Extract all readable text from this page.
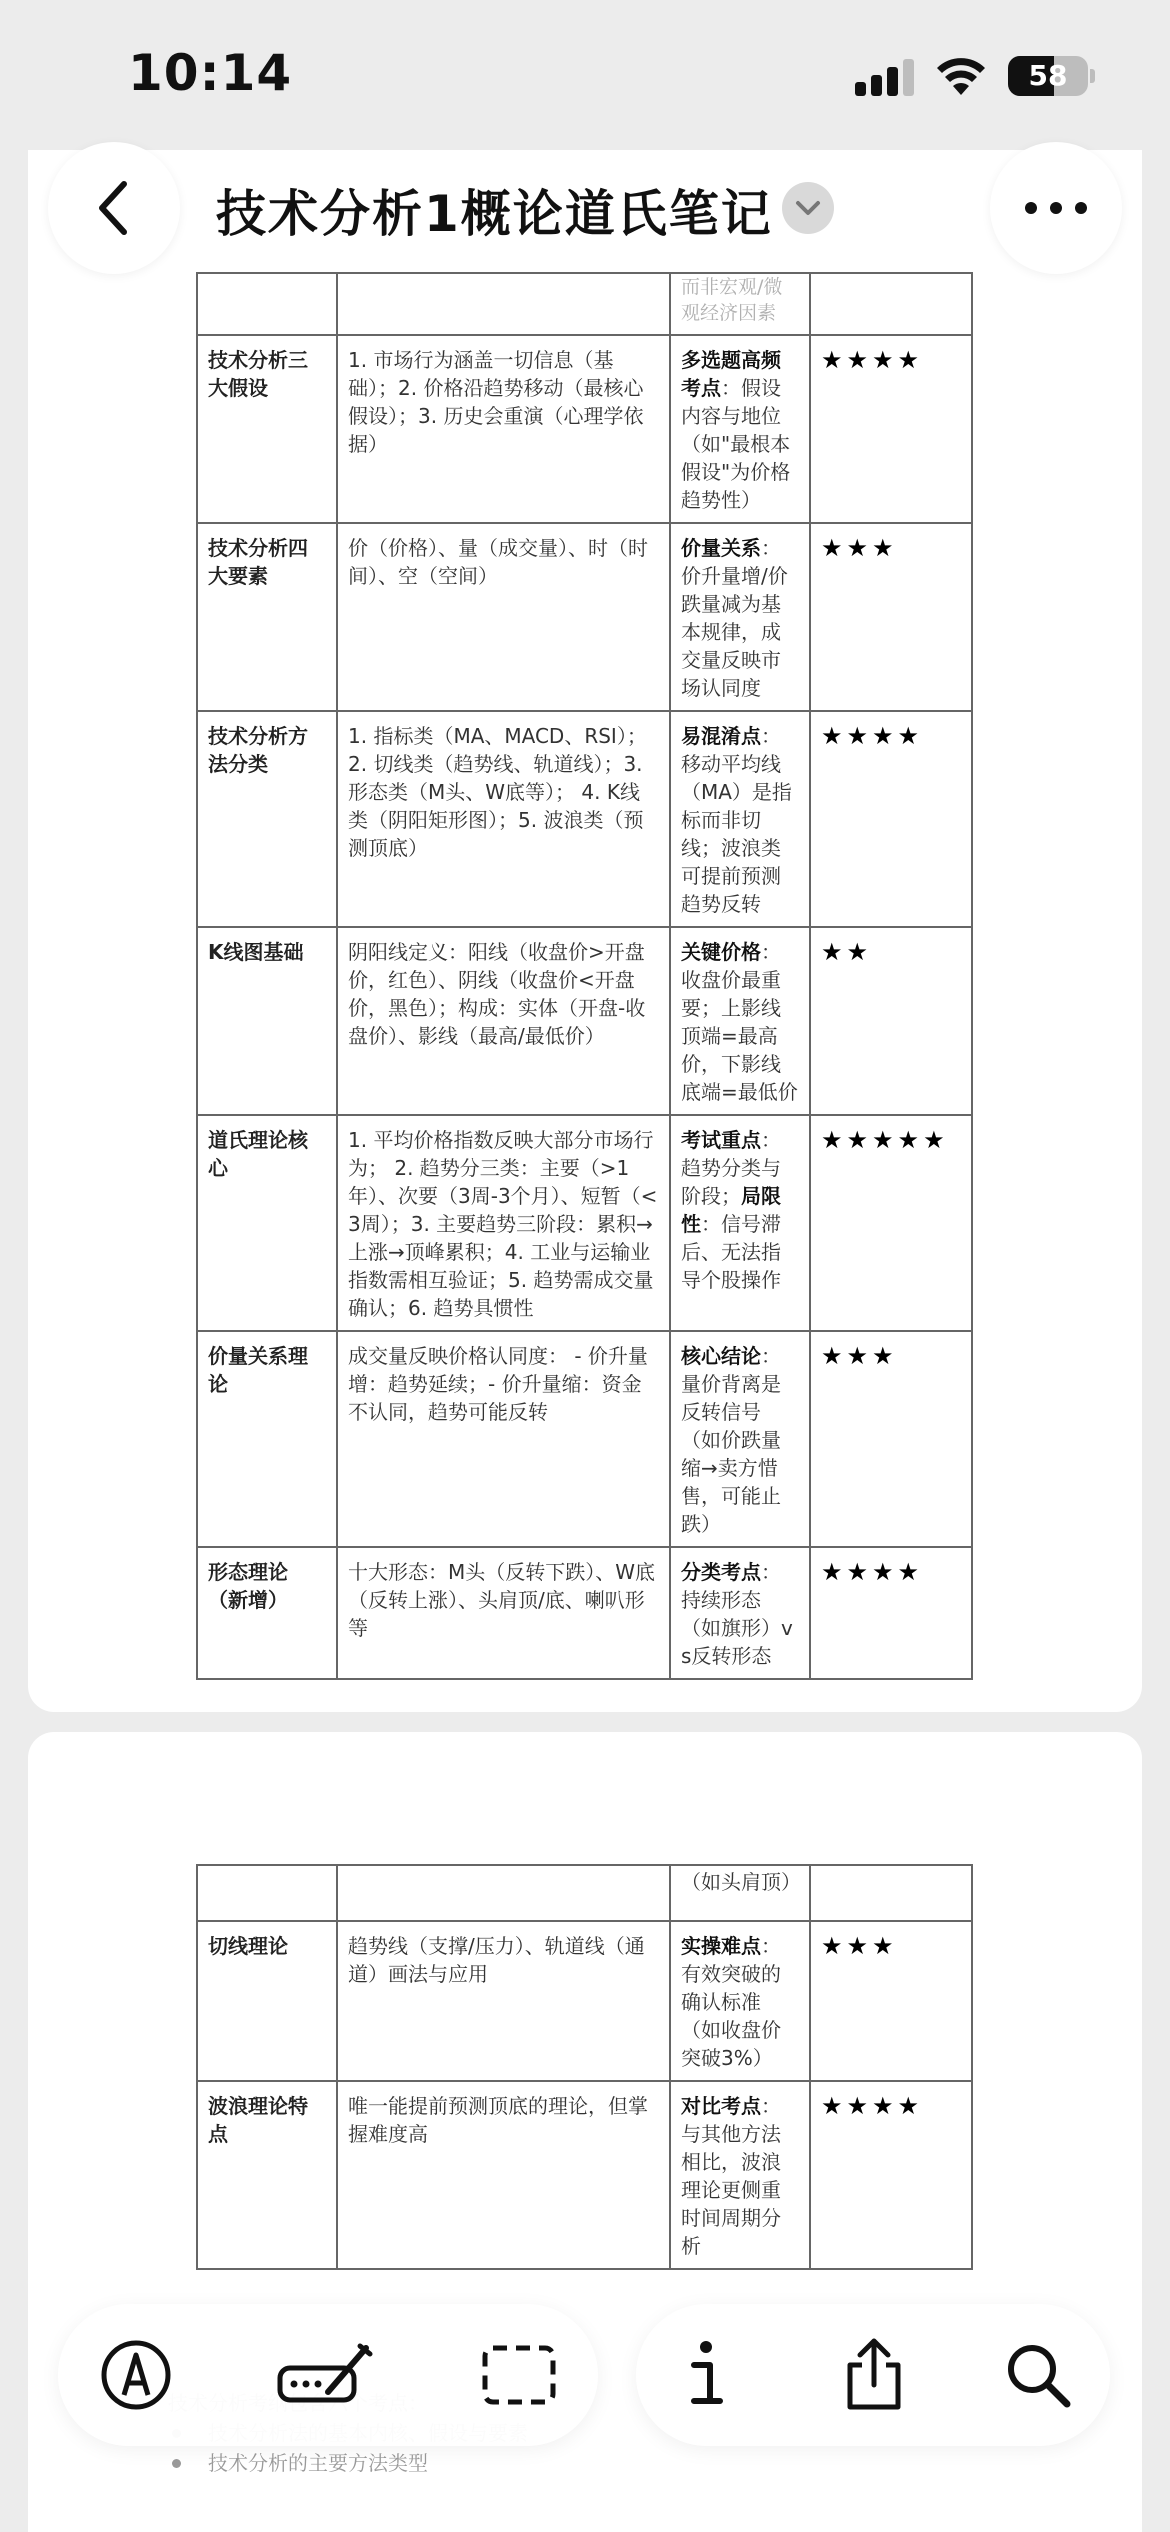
10:14	58
		而非宏观/微观经济因素	
技术分析三大假设	1. 市场行为涵盖一切信息（基础）；2. 价格沿趋势移动（最核心假设）；3. 历史会重演（心理学依据）	多选题高频考点：假设内容与地位（如"最根本假设"为价格趋势性）	★★★★

技术分析四大要素	价（价格）、量（成交量）、时（时间）、空（空间）	价量关系：价升量增/价跌量减为基本规律，成交量反映市场认同度	★★★

技术分析方法分类	1. 指标类（MA、MACD、RSI）；2. 切线类（趋势线、轨道线）；3. 形态类（M头、W底等）； 4. K线类（阴阳矩形图）；5. 波浪类（预测顶底）	易混淆点：移动平均线（MA）是指标而非切线；波浪类可提前预测趋势反转	★★★★

K线图基础	阴阳线定义：阳线（收盘价>开盘价，红色）、阴线（收盘价<开盘价，黑色）；构成：实体（开盘-收盘价）、影线（最高/最低价）	关键价格：收盘价最重要；上影线顶端=最高价，下影线底端=最低价	★★

道氏理论核心	1. 平均价格指数反映大部分市场行为； 2. 趋势分三类：主要（>1年）、次要（3周-3个月）、短暂（<3周）；3. 主要趋势三阶段：累积→上涨→顶峰累积；4. 工业与运输业指数需相互验证；5. 趋势需成交量确认；6. 趋势具惯性	考试重点：趋势分类与阶段；局限性：信号滞后、无法指导个股操作	★★★★★

价量关系理论	成交量反映价格认同度： - 价升量增：趋势延续；- 价升量缩：资金不认同，趋势可能反转	核心结论：量价背离是反转信号（如价跌量缩→卖方惜售，可能止跌）	★★★

形态理论（新增）	十大形态：M头（反转下跌）、W底（反转上涨）、头肩顶/底、喇叭形等	分类考点：持续形态（如旗形）vs反转形态	★★★★
		（如头肩顶）	
切线理论	趋势线（支撑/压力）、轨道线（通道）画法与应用	实操难点：有效突破的确认标准（如收盘价突破3%）	★★★

波浪理论特点	唯一能提前预测顶底的理论，但掌握难度高	对比考点：与其他方法相比，波浪理论更侧重时间周期分析	★★★★
技术分析的主要方法类型
技术分析1概论道氏笔记
